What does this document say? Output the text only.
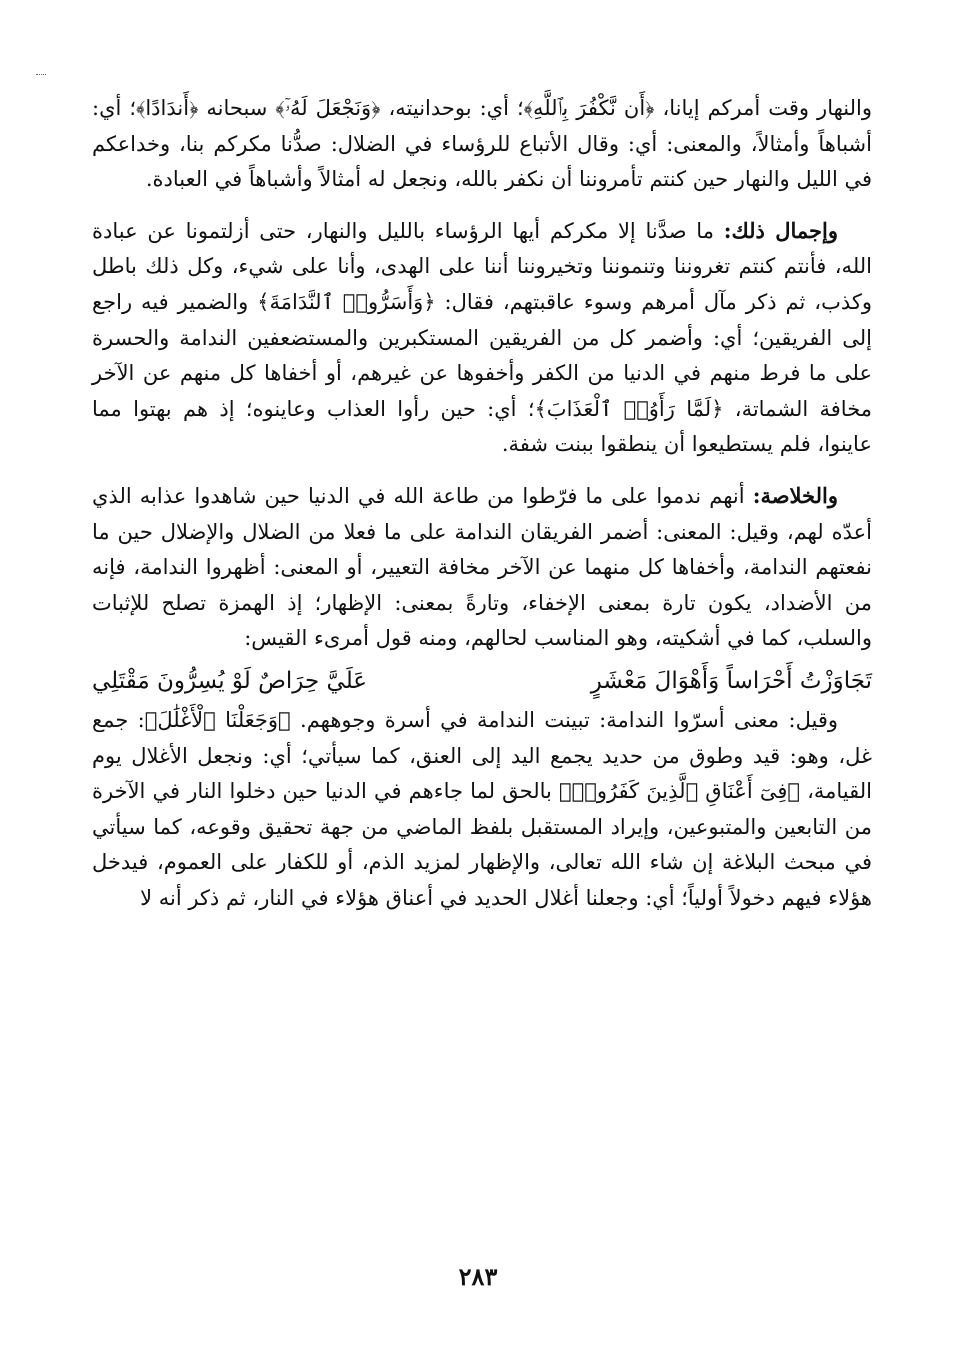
والنهار وقت أمركم إيانا، ﴿أَن نَّكْفُرَ بِٱللَّهِ﴾؛ أي: بوحدانيته، ﴿وَنَجْعَلَ لَهُۥٓ﴾ سبحانه ﴿أَندَادًا﴾؛ أي: أشباهاً وأمثالاً، والمعنى: أي: وقال الأتباع للرؤساء في الضلال: صدُّنا مكركم بنا، وخداعكم في الليل والنهار حين كنتم تأمروننا أن نكفر بالله، ونجعل له أمثالاً وأشباهاً في العبادة.

وإجمال ذلك: ما صدَّنا إلا مكركم أيها الرؤساء بالليل والنهار، حتى أزلتمونا عن عبادة الله، فأنتم كنتم تغروننا وتنموننا وتخيروننا أننا على الهدى، وأنا على شيء، وكل ذلك باطل وكذب، ثم ذكر مآل أمرهم وسوء عاقبتهم، فقال: ﴿وَأَسَرُّوا۟ ٱلنَّدَامَةَ﴾ والضمير فيه راجع إلى الفريقين؛ أي: وأضمر كل من الفريقين المستكبرين والمستضعفين الندامة والحسرة على ما فرط منهم في الدنيا من الكفر وأخفوها عن غيرهم، أو أخفاها كل منهم عن الآخر مخافة الشماتة، ﴿لَمَّا رَأَوُا۟ ٱلْعَذَابَ﴾؛ أي: حين رأوا العذاب وعاينوه؛ إذ هم بهتوا مما عاينوا، فلم يستطيعوا أن ينطقوا ببنت شفة.

والخلاصة: أنهم ندموا على ما فرّطوا من طاعة الله في الدنيا حين شاهدوا عذابه الذي أعدّه لهم، وقيل: المعنى: أضمر الفريقان الندامة على ما فعلا من الضلال والإضلال حين ما نفعتهم الندامة، وأخفاها كل منهما عن الآخر مخافة التعيير، أو المعنى: أظهروا الندامة، فإنه من الأضداد، يكون تارة بمعنى الإخفاء، وتارةً بمعنى: الإظهار؛ إذ الهمزة تصلح للإثبات والسلب، كما في أشكيته، وهو المناسب لحالهم، ومنه قول أمرىء القيس:

تَجَاوَزْتُ أَحْرَاساً وَأَهْوَالَ مَعْشَرٍ
عَلَيَّ حِرَاصٌ لَوْ يُسِرُّونَ مَقْتَلِي

وقيل: معنى أسرّوا الندامة: تبينت الندامة في أسرة وجوههم. ﴿وَجَعَلْنَا ٱلْأَغْلَٰلَ﴾: جمع غل، وهو: قيد وطوق من حديد يجمع اليد إلى العنق، كما سيأتي؛ أي: ونجعل الأغلال يوم القيامة، ﴿فِىٓ أَعْنَاقِ ٱلَّذِينَ كَفَرُوا۟﴾ بالحق لما جاءهم في الدنيا حين دخلوا النار في الآخرة من التابعين والمتبوعين، وإيراد المستقبل بلفظ الماضي من جهة تحقيق وقوعه، كما سيأتي في مبحث البلاغة إن شاء الله تعالى، والإظهار لمزيد الذم، أو للكفار على العموم، فيدخل هؤلاء فيهم دخولاً أولياً؛ أي: وجعلنا أغلال الحديد في أعناق هؤلاء في النار، ثم ذكر أنه لا

٢٨٣
